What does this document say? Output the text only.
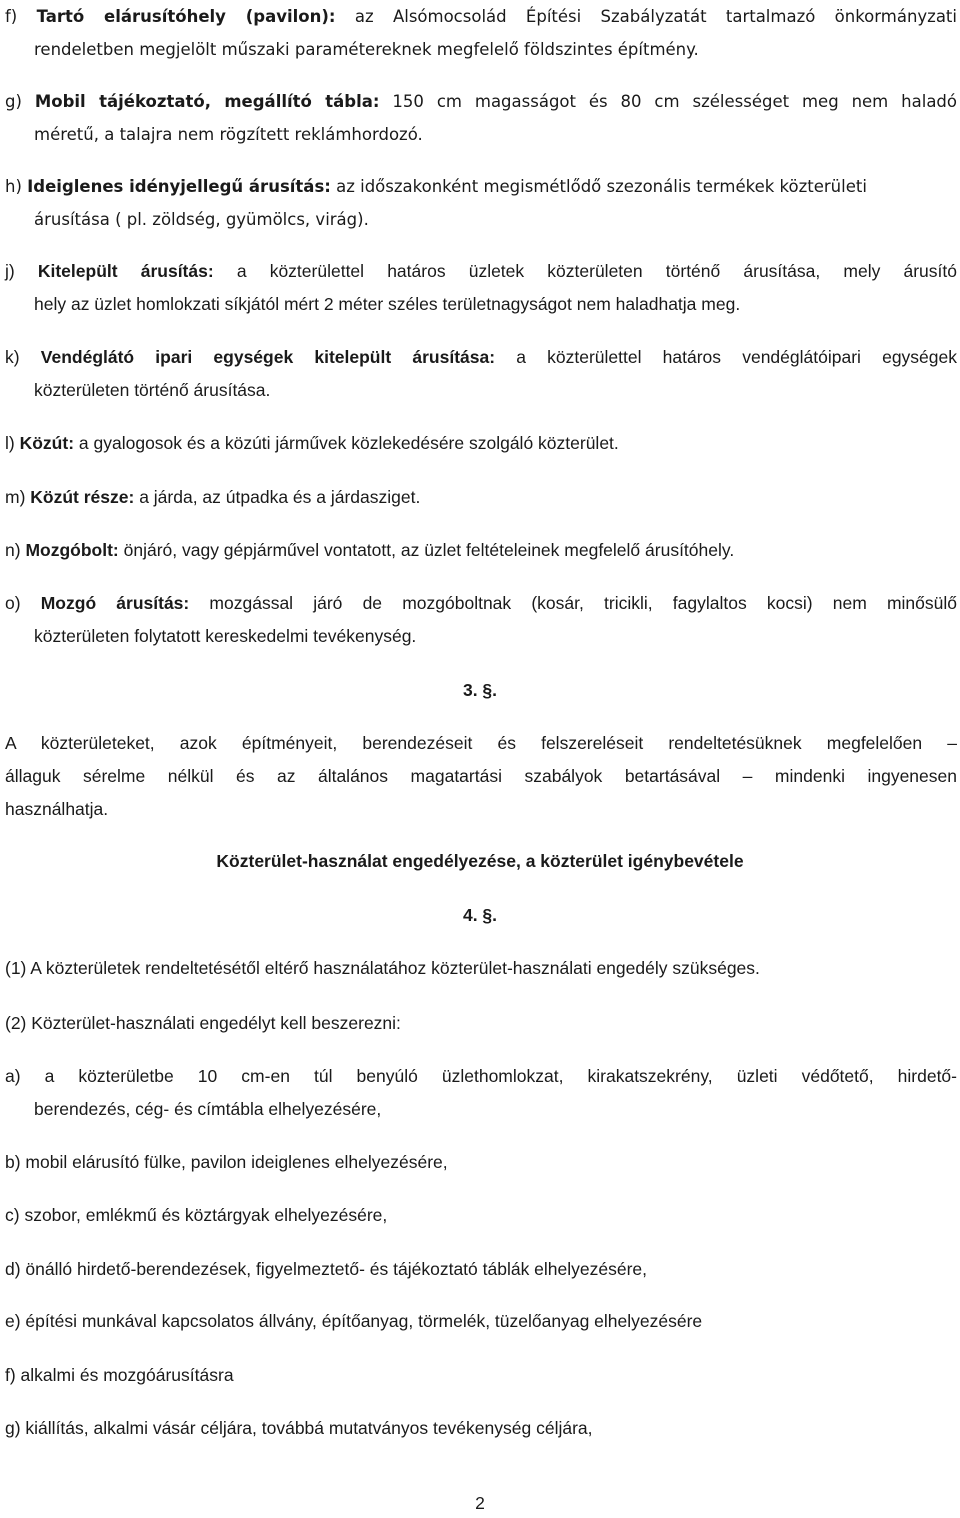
f) Tartó elárusítóhely (pavilon): az Alsómocsolád Építési Szabályzatát tartalmazó önkormányzati
rendeletben megjelölt műszaki paramétereknek megfelelő földszintes építmény.
g) Mobil tájékoztató, megállító tábla: 150 cm magasságot és 80 cm szélességet meg nem haladó
méretű, a talajra nem rögzített reklámhordozó.
h) Ideiglenes idényjellegű árusítás: az időszakonként megismétlődő szezonális termékek közterületi
árusítása ( pl. zöldség, gyümölcs, virág).
j) Kitelepült árusítás: a közterülettel határos üzletek közterületen történő árusítása, mely árusító
hely az üzlet homlokzati síkjától mért 2 méter széles területnagyságot nem haladhatja meg.
k) Vendéglátó ipari egységek kitelepült árusítása: a közterülettel határos vendéglátóipari egységek
közterületen történő árusítása.
l) Közút: a gyalogosok és a közúti járművek közlekedésére szolgáló közterület.
m) Közút része: a járda, az útpadka és a járdasziget.
n) Mozgóbolt: önjáró, vagy gépjárművel vontatott, az üzlet feltételeinek megfelelő árusítóhely.
o) Mozgó árusítás: mozgással járó de mozgóboltnak (kosár, tricikli, fagylaltos kocsi) nem minősülő
közterületen folytatott kereskedelmi tevékenység.
3. §.
A közterületeket, azok építményeit, berendezéseit és felszereléseit rendeltetésüknek megfelelően –
állaguk sérelme nélkül és az általános magatartási szabályok betartásával – mindenki ingyenesen
használhatja.
Közterület-használat engedélyezése, a közterület igénybevétele
4. §.
(1) A közterületek rendeltetésétől eltérő használatához közterület-használati engedély szükséges.
(2) Közterület-használati engedélyt kell beszerezni:
a) a közterületbe 10 cm-en túl benyúló üzlethomlokzat, kirakatszekrény, üzleti védőtető, hirdető-
berendezés, cég- és címtábla elhelyezésére,
b) mobil elárusító fülke, pavilon ideiglenes elhelyezésére,
c) szobor, emlékmű és köztárgyak elhelyezésére,
d) önálló hirdető-berendezések, figyelmeztető- és tájékoztató táblák elhelyezésére,
e) építési munkával kapcsolatos állvány, építőanyag, törmelék, tüzelőanyag elhelyezésére
f) alkalmi és mozgóárusításra
g) kiállítás, alkalmi vásár céljára, továbbá mutatványos tevékenység céljára,
2
